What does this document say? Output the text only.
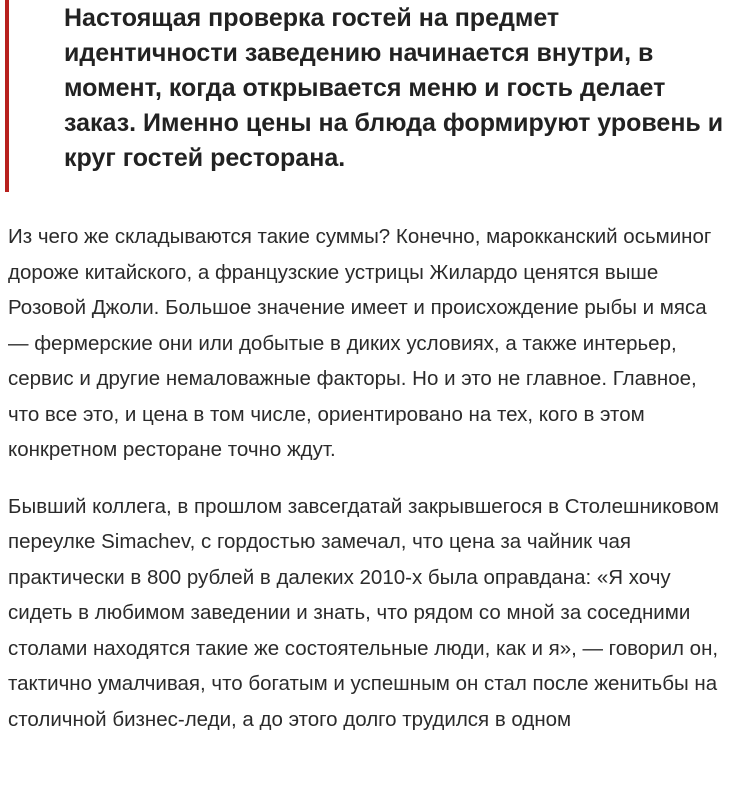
Настоящая проверка гостей на предмет идентичности заведению начинается внутри, в момент, когда открывается меню и гость делает заказ. Именно цены на блюда формируют уровень и круг гостей ресторана.

Из чего же складываются такие суммы? Конечно, марокканский осьминог дороже китайского, а французские устрицы Жилардо ценятся выше Розовой Джоли. Большое значение имеет и происхождение рыбы и мяса — фермерские они или добытые в диких условиях, а также интерьер, сервис и другие немаловажные факторы. Но и это не главное. Главное, что все это, и цена в том числе, ориентировано на тех, кого в этом конкретном ресторане точно ждут.

Бывший коллега, в прошлом завсегдатай закрывшегося в Столешниковом переулке Simachev, с гордостью замечал, что цена за чайник чая практически в 800 рублей в далеких 2010-х была оправдана: «Я хочу сидеть в любимом заведении и знать, что рядом со мной за соседними столами находятся такие же состоятельные люди, как и я», — говорил он, тактично умалчивая, что богатым и успешным он стал после женитьбы на столичной бизнес-леди, а до этого долго трудился в одном
